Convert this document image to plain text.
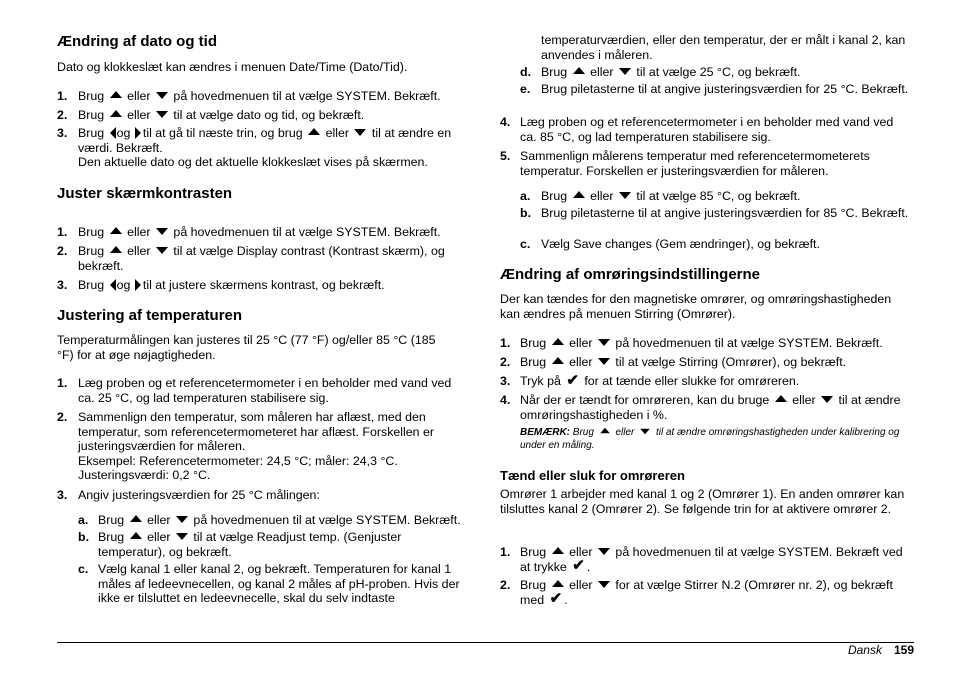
Ændring af dato og tid

Dato og klokkeslæt kan ændres i menuen Date/Time (Dato/Tid).

1. Brug eller på hovedmenuen til at vælge SYSTEM. Bekræft.
2. Brug eller til at vælge dato og tid, og bekræft.
3. Brug og til at gå til næste trin, og brug eller til at ændre en værdi. Bekræft.
Den aktuelle dato og det aktuelle klokkeslæt vises på skærmen.
Juster skærmkontrasten
1. Brug eller på hovedmenuen til at vælge SYSTEM. Bekræft.
2. Brug eller til at vælge Display contrast (Kontrast skærm), og bekræft.
3. Brug og til at justere skærmens kontrast, og bekræft.
Justering af temperaturen

Temperaturmålingen kan justeres til 25 °C (77 °F) og/eller 85 °C (185 °F) for at øge nøjagtigheden.

1. Læg proben og et referencetermometer i en beholder med vand ved ca. 25 °C, og lad temperaturen stabilisere sig.
2. Sammenlign den temperatur, som måleren har aflæst, med den temperatur, som referencetermometeret har aflæst. Forskellen er justeringsværdien for måleren.
Eksempel: Referencetermometer: 24,5 °C; måler: 24,3 °C.
Justeringsværdi: 0,2 °C.
3. Angiv justeringsværdien for 25 °C målingen:
a. Brug eller på hovedmenuen til at vælge SYSTEM. Bekræft.
b. Brug eller til at vælge Readjust temp. (Genjuster temperatur), og bekræft.
c. Vælg kanal 1 eller kanal 2, og bekræft. Temperaturen for kanal 1 måles af ledeevnecellen, og kanal 2 måles af pH-proben. Hvis der ikke er tilsluttet en ledeevnecelle, skal du selv indtaste

temperaturværdien, eller den temperatur, der er målt i kanal 2, kan anvendes i måleren.

d. Brug eller til at vælge 25 °C, og bekræft.
e. Brug piletasterne til at angive justeringsværdien for 25 °C. Bekræft.
4. Læg proben og et referencetermometer i en beholder med vand ved ca. 85 °C, og lad temperaturen stabilisere sig.
5. Sammenlign målerens temperatur med referencetermometerets temperatur. Forskellen er justeringsværdien for måleren.
a. Brug eller til at vælge 85 °C, og bekræft.
b. Brug piletasterne til at angive justeringsværdien for 85 °C. Bekræft.
c. Vælg Save changes (Gem ændringer), og bekræft.
Ændring af omrøringsindstillingerne

Der kan tændes for den magnetiske omrører, og omrøringshastigheden kan ændres på menuen Stirring (Omrører).

1. Brug eller på hovedmenuen til at vælge SYSTEM. Bekræft.
2. Brug eller til at vælge Stirring (Omrører), og bekræft.
3. Tryk på ✔ for at tænde eller slukke for omrøreren.
4. Når der er tændt for omrøreren, kan du bruge eller til at ændre omrøringshastigheden i %.

BEMÆRK: Brug eller til at ændre omrøringshastigheden under kalibrering og under en måling.

Tænd eller sluk for omrøreren

Omrører 1 arbejder med kanal 1 og 2 (Omrører 1). En anden omrører kan tilsluttes kanal 2 (Omrører 2). Se følgende trin for at aktivere omrører 2.

1. Brug eller på hovedmenuen til at vælge SYSTEM. Bekræft ved at trykke ✔ .
2. Brug eller for at vælge Stirrer N.2 (Omrører nr. 2), og bekræft med ✔ .
Dansk 159
